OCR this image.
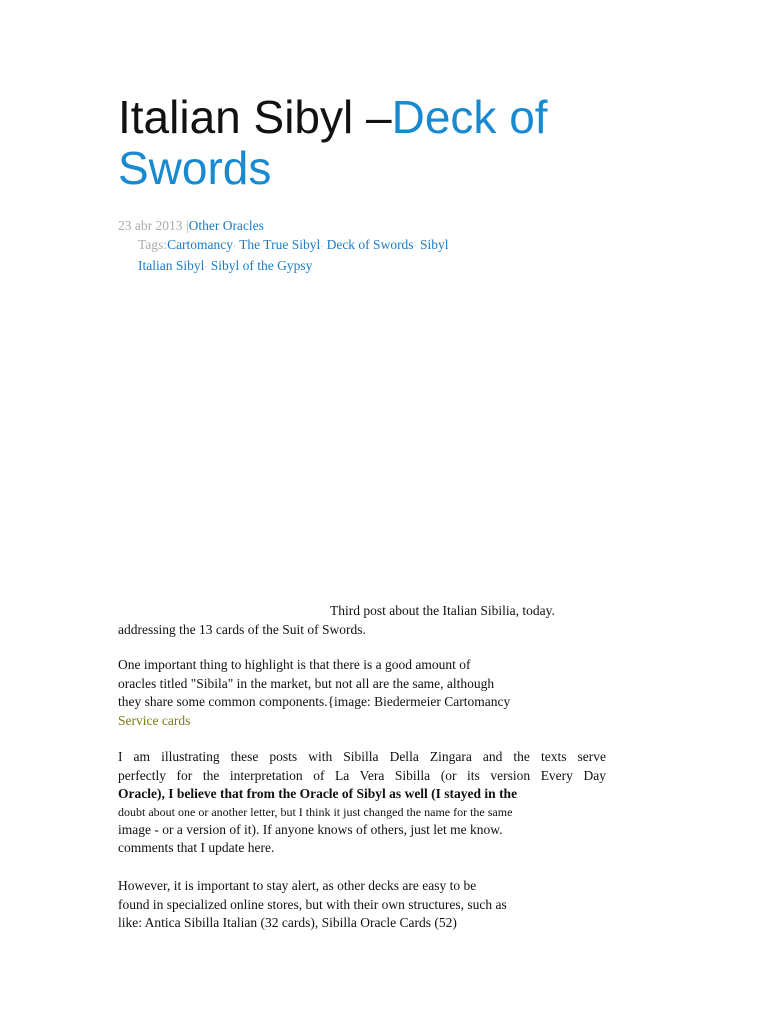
Italian Sibyl –Deck of
Swords
23 abr 2013 |Other Oracles
Tags:Cartomancy· The True Sibyl· Deck of Swords· Sibyl
Italian Sibyl· Sibyl of the Gypsy
Third post about the Italian Sibilia, today.
addressing the 13 cards of the Suit of Swords.
One important thing to highlight is that there is a good amount of
oracles titled "Sibila" in the market, but not all are the same, although
they share some common components.{image: Biedermeier Cartomancy
Service cards
I am illustrating these posts with Sibilla Della Zingara and the texts serve
perfectly for the interpretation of La Vera Sibilla (or its version Every Day
Oracle), I believe that from the Oracle of Sibyl as well (I stayed in the
doubt about one or another letter, but I think it just changed the name for the same
image - or a version of it). If anyone knows of others, just let me know.
comments that I update here.
However, it is important to stay alert, as other decks are easy to be
found in specialized online stores, but with their own structures, such as
like: Antica Sibilla Italian (32 cards), Sibilla Oracle Cards (52)
